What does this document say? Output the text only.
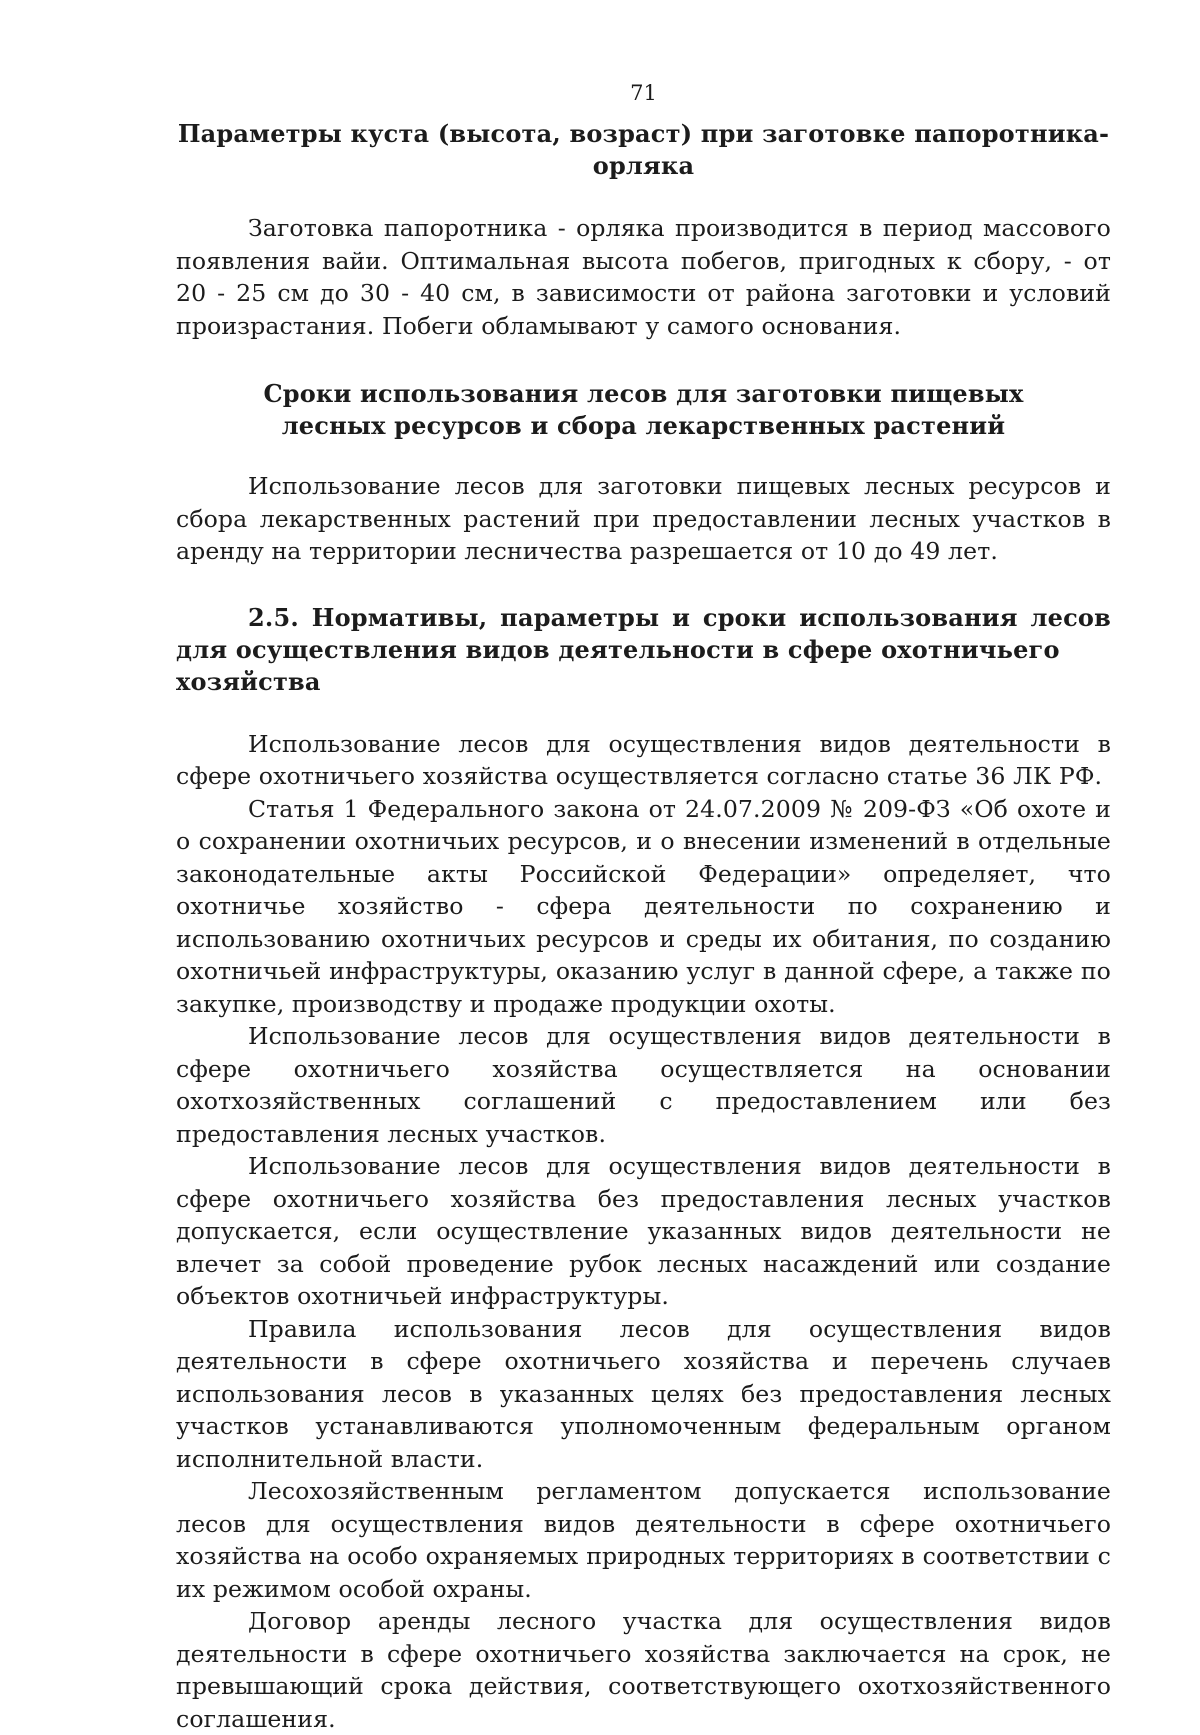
71
Параметры куста (высота, возраст) при заготовке папоротника-орляка

Заготовка папоротника - орляка производится в период массового появления вайи. Оптимальная высота побегов, пригодных к сбору, - от 20 - 25 см до 30 - 40 см, в зависимости от района заготовки и условий произрастания. Побеги обламывают у самого основания.

Сроки использования лесов для заготовки пищевых
лесных ресурсов и сбора лекарственных растений

Использование лесов для заготовки пищевых лесных ресурсов и сбора лекарственных растений при предоставлении лесных участков в аренду на территории лесничества разрешается от 10 до 49 лет.

2.5. Нормативы, параметры и сроки использования лесов
для осуществления видов деятельности в сфере охотничьего хозяйства

Использование лесов для осуществления видов деятельности в сфере охотничьего хозяйства осуществляется согласно статье 36 ЛК РФ.

Статья 1 Федерального закона от 24.07.2009 № 209-ФЗ «Об охоте и о сохранении охотничьих ресурсов, и о внесении изменений в отдельные законодательные акты Российской Федерации» определяет, что охотничье хозяйство - сфера деятельности по сохранению и использованию охотничьих ресурсов и среды их обитания, по созданию охотничьей инфраструктуры, оказанию услуг в данной сфере, а также по закупке, производству и продаже продукции охоты.

Использование лесов для осуществления видов деятельности в сфере охотничьего хозяйства осуществляется на основании охотхозяйственных соглашений с предоставлением или без предоставления лесных участков.

Использование лесов для осуществления видов деятельности в сфере охотничьего хозяйства без предоставления лесных участков допускается, если осуществление указанных видов деятельности не влечет за собой проведение рубок лесных насаждений или создание объектов охотничьей инфраструктуры.

Правила использования лесов для осуществления видов деятельности в сфере охотничьего хозяйства и перечень случаев использования лесов в указанных целях без предоставления лесных участков устанавливаются уполномоченным федеральным органом исполнительной власти.

Лесохозяйственным регламентом допускается использование лесов для осуществления видов деятельности в сфере охотничьего хозяйства на особо охраняемых природных территориях в соответствии с их режимом особой охраны.

Договор аренды лесного участка для осуществления видов деятельности в сфере охотничьего хозяйства заключается на срок, не превышающий срока действия, соответствующего охотхозяйственного соглашения.
